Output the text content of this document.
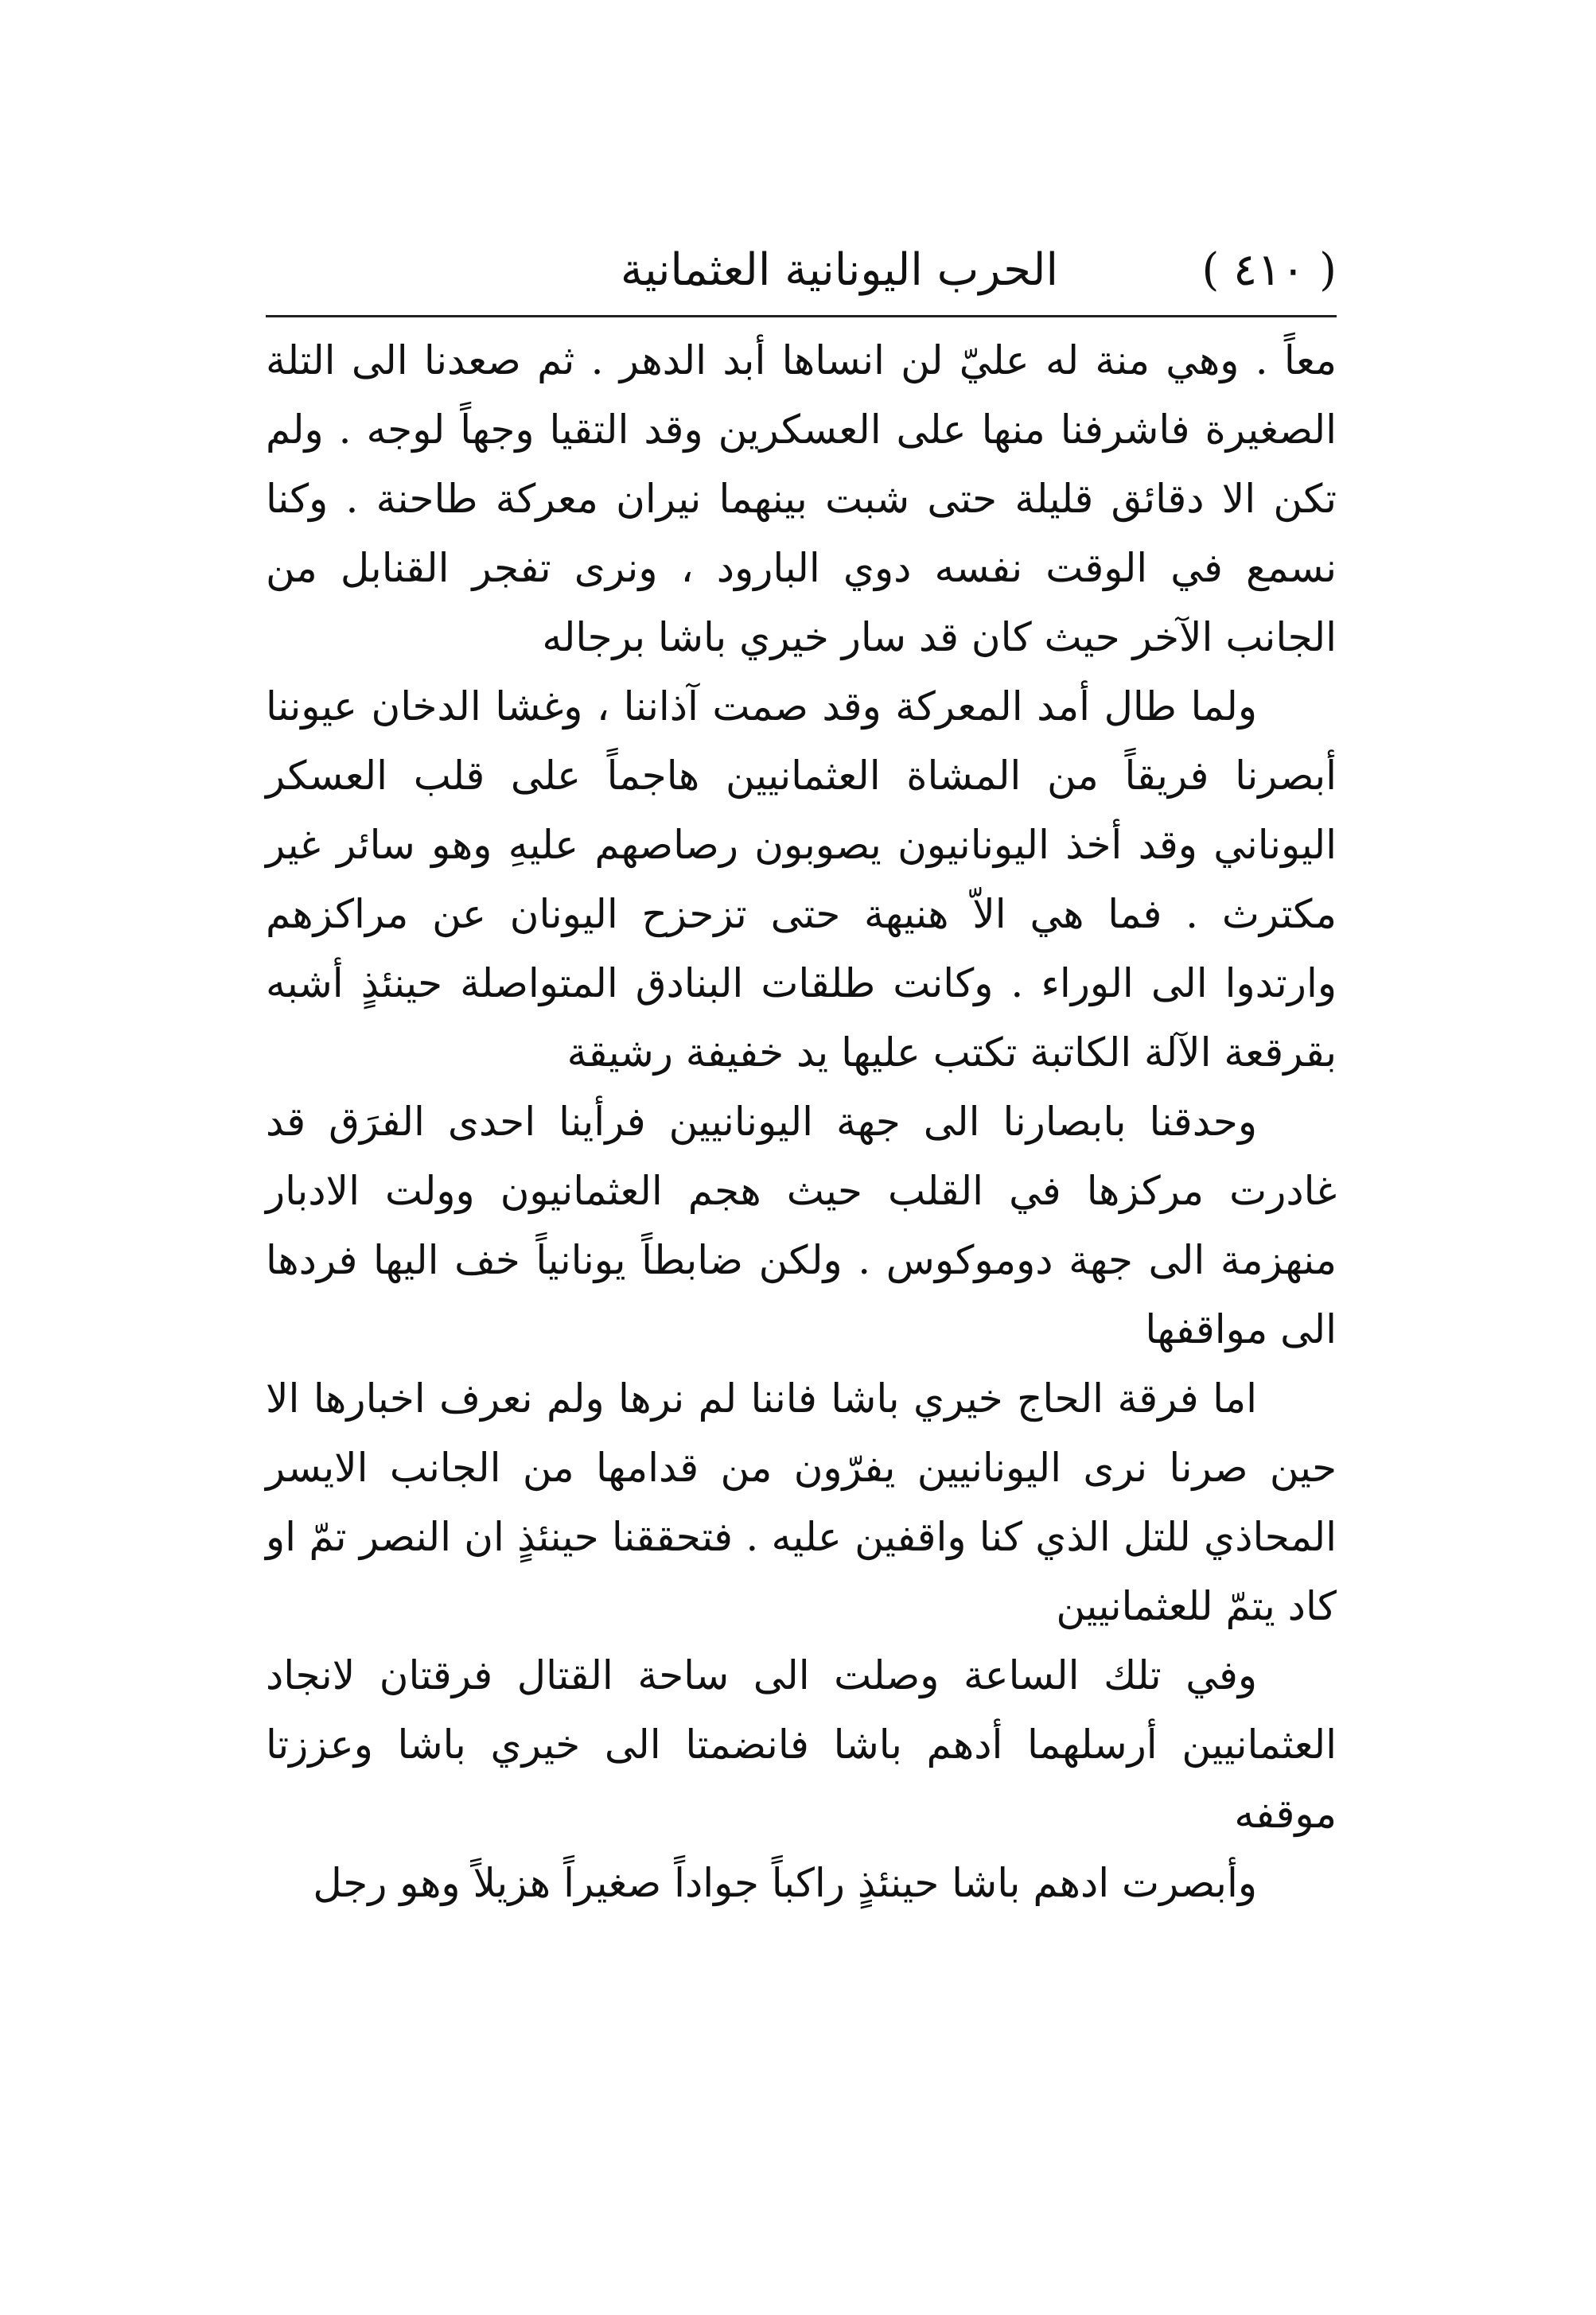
( ٤١٠ )
الحرب اليونانية العثمانية

معاً . وهي منة له عليّ لن انساها أبد الدهر . ثم صعدنا الى التلة الصغيرة فاشرفنا منها على العسكرين وقد التقيا وجهاً لوجه . ولم تكن الا دقائق قليلة حتى شبت بينهما نيران معركة طاحنة . وكنا نسمع في الوقت نفسه دوي البارود ، ونرى تفجر القنابل من الجانب الآخر حيث كان قد سار خيري باشا برجاله

ولما طال أمد المعركة وقد صمت آذاننا ، وغشا الدخان عيوننا أبصرنا فريقاً من المشاة العثمانيين هاجماً على قلب العسكر اليوناني وقد أخذ اليونانيون يصوبون رصاصهم عليهِ وهو سائر غير مكترث . فما هي الاّ هنيهة حتى تزحزح اليونان عن مراكزهم وارتدوا الى الوراء . وكانت طلقات البنادق المتواصلة حينئذٍ أشبه بقرقعة الآلة الكاتبة تكتب عليها يد خفيفة رشيقة

وحدقنا بابصارنا الى جهة اليونانيين فرأينا احدى الفرَق قد غادرت مركزها في القلب حيث هجم العثمانيون وولت الادبار منهزمة الى جهة دوموكوس . ولكن ضابطاً يونانياً خف اليها فردها الى مواقفها

اما فرقة الحاج خيري باشا فاننا لم نرها ولم نعرف اخبارها الا حين صرنا نرى اليونانيين يفرّون من قدامها من الجانب الايسر المحاذي للتل الذي كنا واقفين عليه . فتحققنا حينئذٍ ان النصر تمّ او كاد يتمّ للعثمانيين

وفي تلك الساعة وصلت الى ساحة القتال فرقتان لانجاد العثمانيين أرسلهما أدهم باشا فانضمتا الى خيري باشا وعززتا موقفه

وأبصرت ادهم باشا حينئذٍ راكباً جواداً صغيراً هزيلاً وهو رجل
